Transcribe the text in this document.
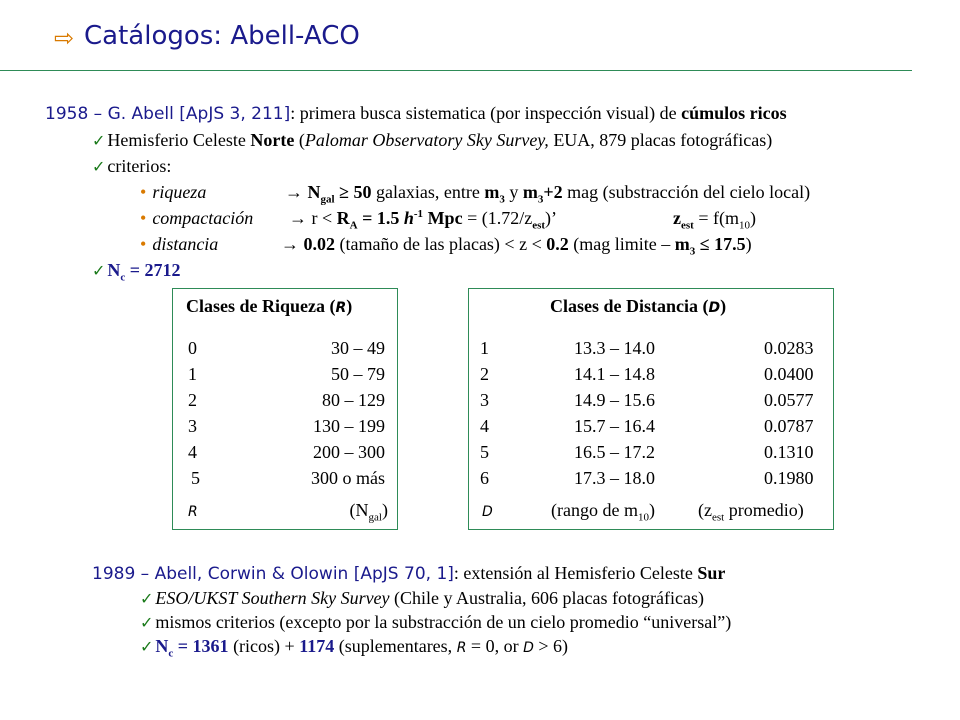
⇨ Catálogos: Abell-ACO
1958 – G. Abell [ApJS 3, 211]: primera busca sistematica (por inspección visual) de cúmulos ricos
✓ Hemisferio Celeste Norte (Palomar Observatory Sky Survey, EUA, 879 placas fotográficas)
✓ criterios:
• riqueza	→ $N_{gal} \ge 50$ galaxias, entre $m_3$ y $m_3+2$ mag (substracción del cielo local)
• compactación → $r < R_A = 1.5$ $h^{-1}$ Mpc = $(1.72/z_{est})$’	$z_{est} = f(m_{10})$
• distancia	→ 0.02 (tamaño de las placas) < z < 0.2 (mag limite – $m_3 \le 17.5$)
✓ $N_c = 2712$
Clases de Riqueza (R)
0	30 – 49
1	50 – 79
2	80 – 129
3	130 – 199
4	200 – 300
5	300 o más
R	$(N_{gal})$
Clases de Distancia (D)
1	13.3 – 14.0	0.0283
2	14.1 – 14.8	0.0400
3	14.9 – 15.6	0.0577
4	15.7 – 16.4	0.0787
5	16.5 – 17.2	0.1310
6	17.3 – 18.0	0.1980
D	(rango de $m_{10}$) ($z_{est}$ promedio)
1989 – Abell, Corwin & Olowin [ApJS 70, 1]: extensión al Hemisferio Celeste Sur
✓ ESO/UKST Southern Sky Survey (Chile y Australia, 606 placas fotográficas)
✓ mismos criterios (excepto por la substracción de un cielo promedio “universal”)
✓ $N_c = 1361$ (ricos) + 1174 (suplementares, R = 0, or D > 6)
